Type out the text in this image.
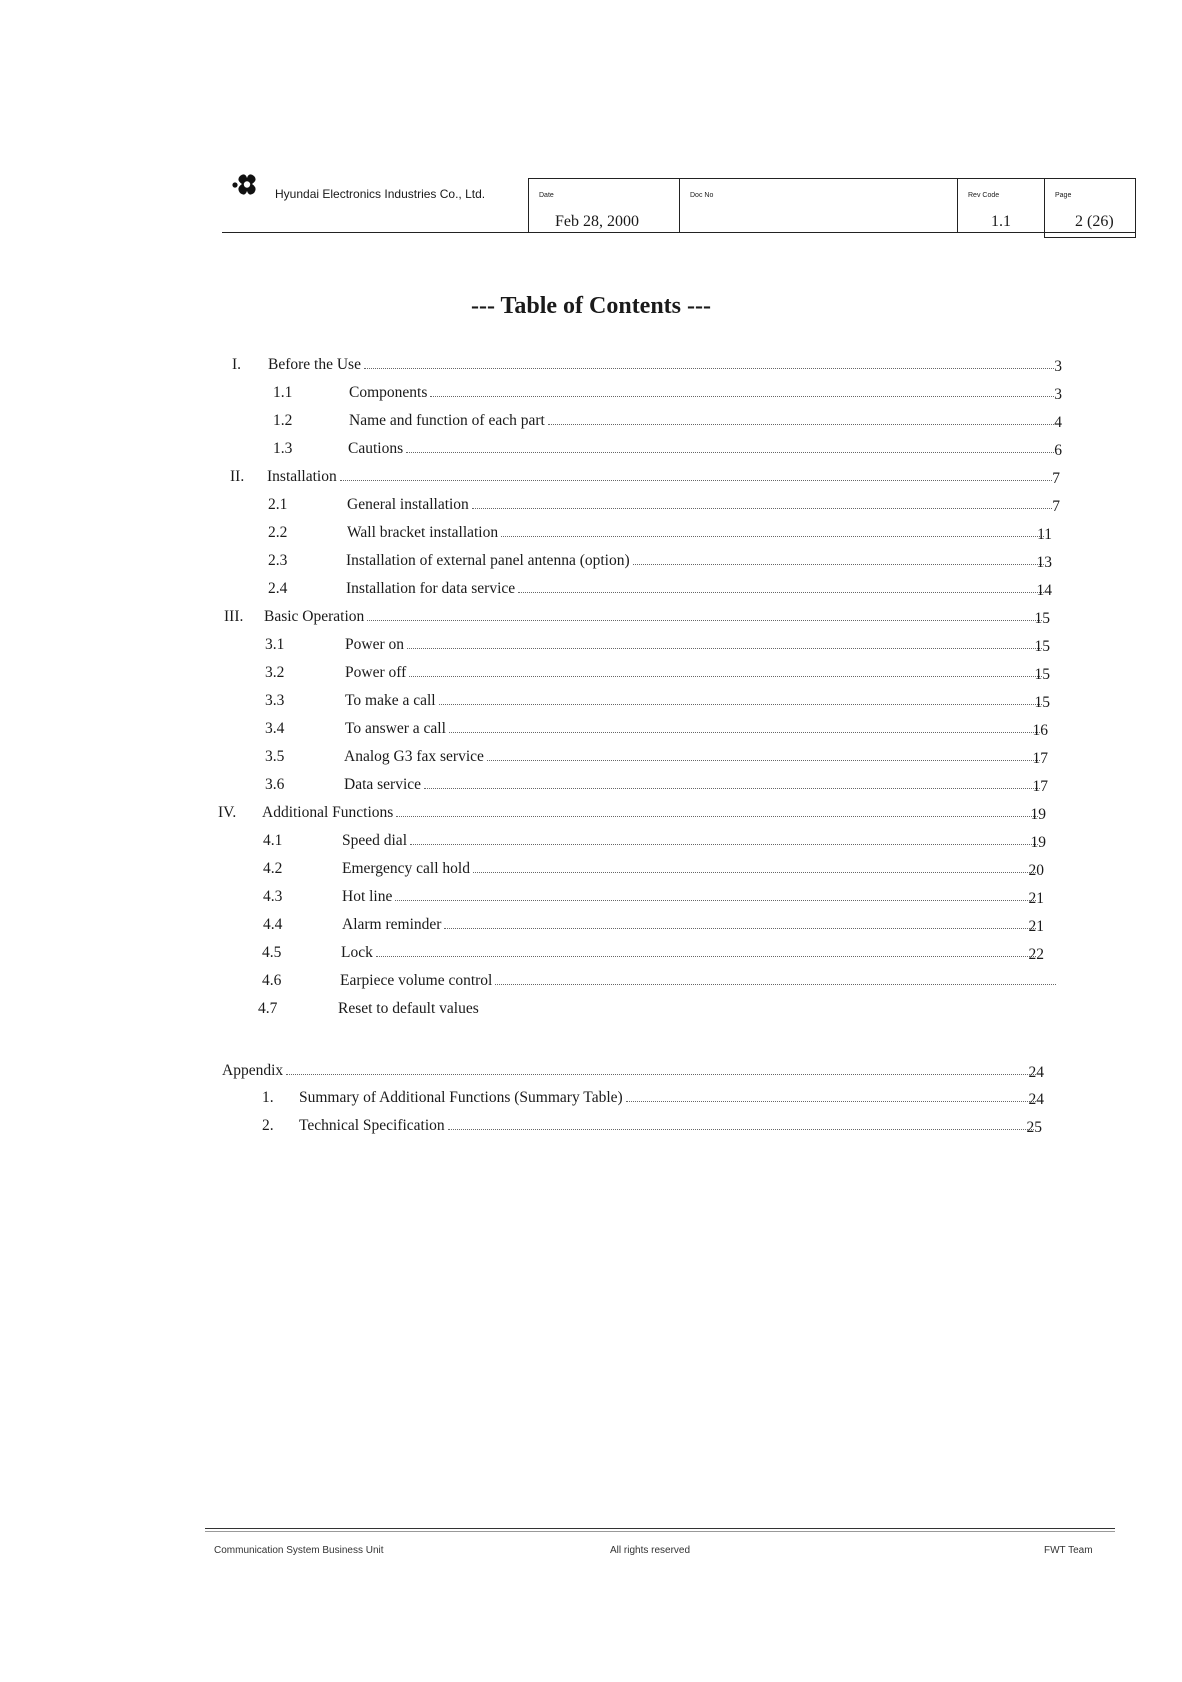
Hyundai Electronics Industries Co., Ltd.	Date
Feb 28, 2000
Doc No	Rev Code
1.1
Page
2 (26)
--- Table of Contents ---
I. Before the Use	3
1.1	Components	3
1.2	Name and function of each part	4
1.3	Cautions	6
II. Installation	7
2.1	General installation	7
2.2	Wall bracket installation	11
2.3	Installation of external panel antenna (option)	13
2.4	Installation for data service	14
III. Basic Operation	15
3.1	Power on	15
3.2	Power off	15
3.3	To make a call	15
3.4	To answer a call	16
3.5	Analog G3 fax service	17
3.6	Data service	17
IV. Additional Functions	19
4.1	Speed dial	19
4.2	Emergency call hold	20
4.3	Hot line	21
4.4	Alarm reminder	21
4.5	Lock	22
4.6	Earpiece volume control
4.7	Reset to default values
Appendix	24
1. Summary of Additional Functions (Summary Table)	24
2. Technical Specification	25
Communication System Business Unit	All rights reserved	FWT Team
